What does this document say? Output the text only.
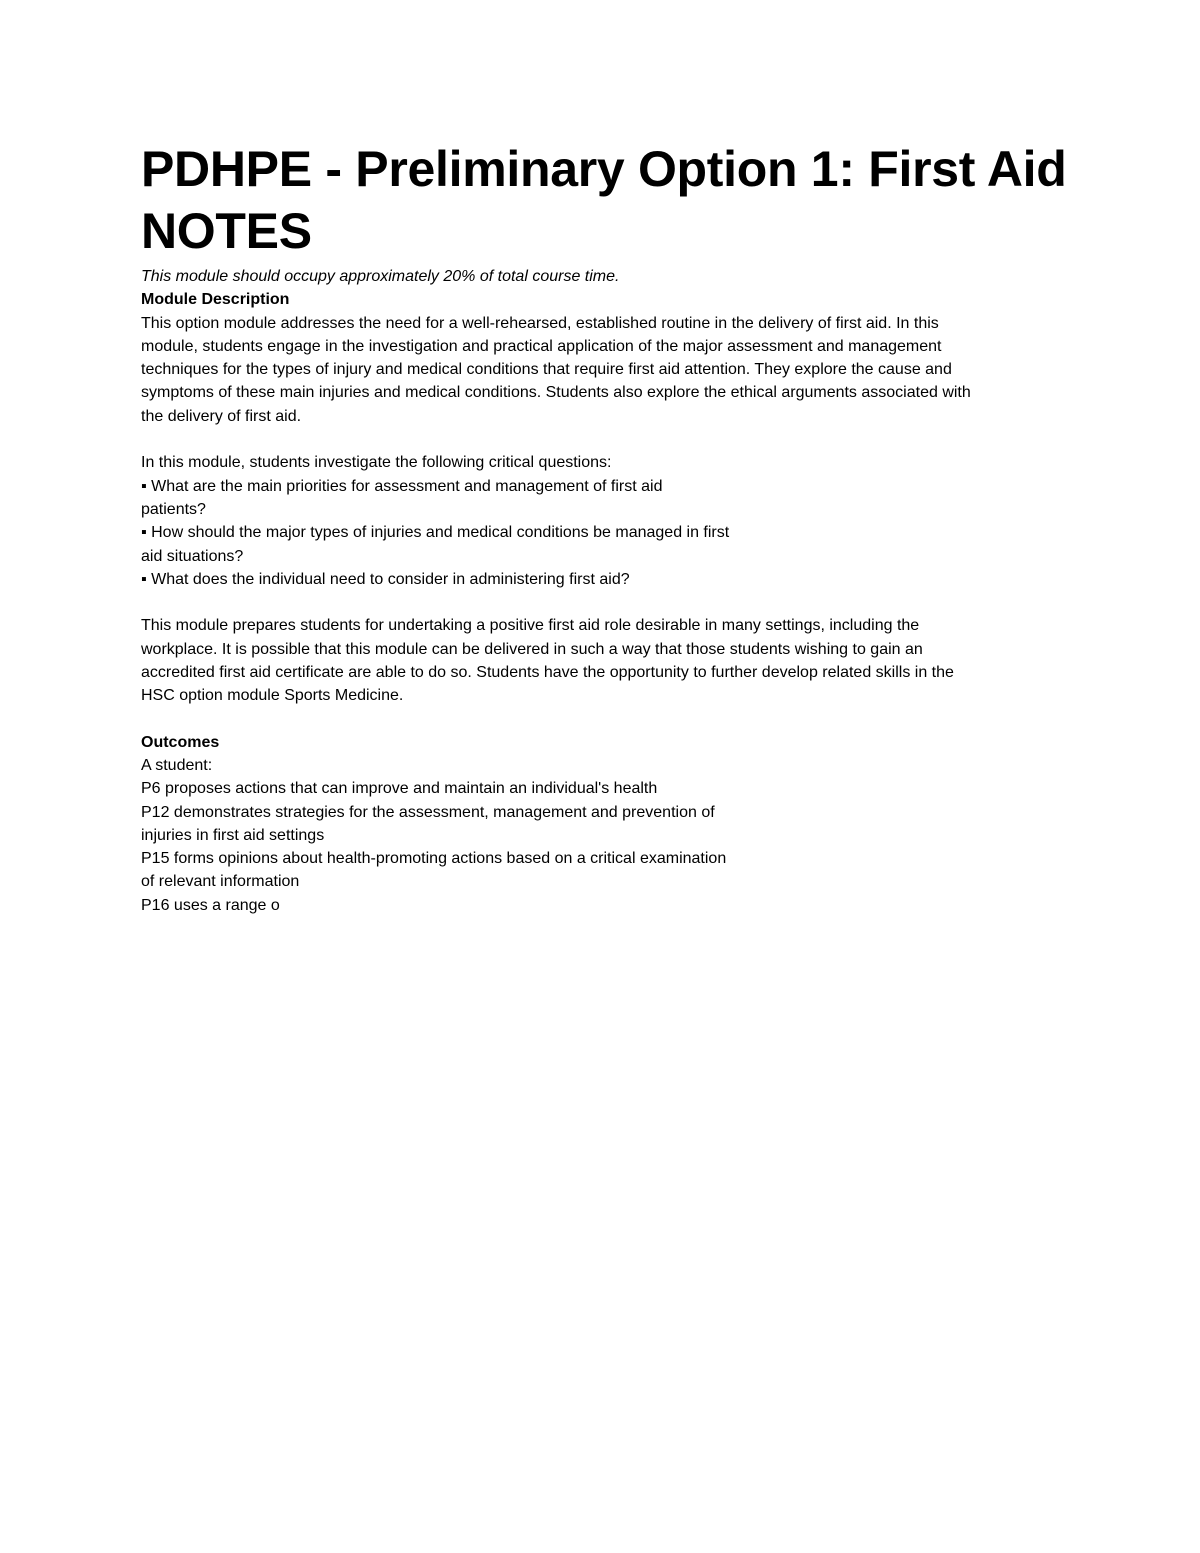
PDHPE - Preliminary Option 1: First Aid
NOTES

This module should occupy approximately 20% of total course time.

Module Description

This option module addresses the need for a well-rehearsed, established routine in the delivery of first aid. In this
module, students engage in the investigation and practical application of the major assessment and management
techniques for the types of injury and medical conditions that require first aid attention. They explore the cause and
symptoms of these main injuries and medical conditions. Students also explore the ethical arguments associated with
the delivery of first aid.

In this module, students investigate the following critical questions:

▪ What are the main priorities for assessment and management of first aid
patients?
▪ How should the major types of injuries and medical conditions be managed in first
aid situations?
▪ What does the individual need to consider in administering first aid?

This module prepares students for undertaking a positive first aid role desirable in many settings, including the
workplace. It is possible that this module can be delivered in such a way that those students wishing to gain an
accredited first aid certificate are able to do so. Students have the opportunity to further develop related skills in the
HSC option module Sports Medicine.

Outcomes

A student:
P6 proposes actions that can improve and maintain an individual's health
P12 demonstrates strategies for the assessment, management and prevention of
injuries in first aid settings
P15 forms opinions about health-promoting actions based on a critical examination
of relevant information
P16 uses a range o
